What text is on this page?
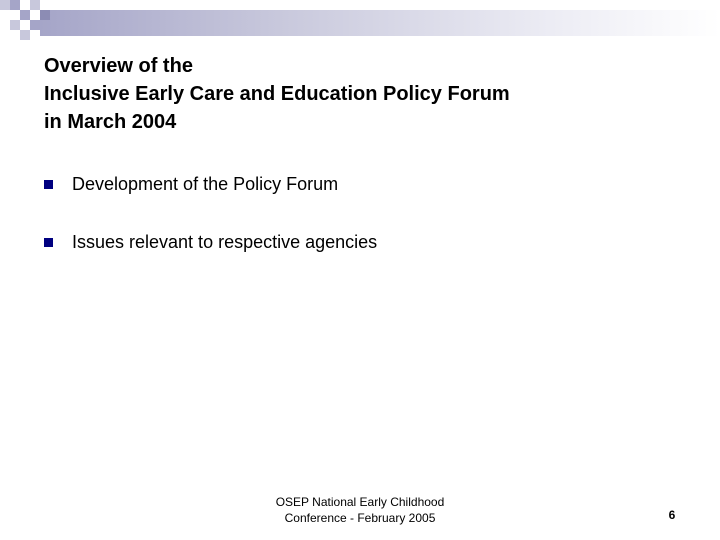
Overview of the
Inclusive Early Care and Education Policy Forum
in March 2004
Development of the Policy Forum
Issues relevant to respective agencies
OSEP National Early Childhood
Conference - February 2005	6
